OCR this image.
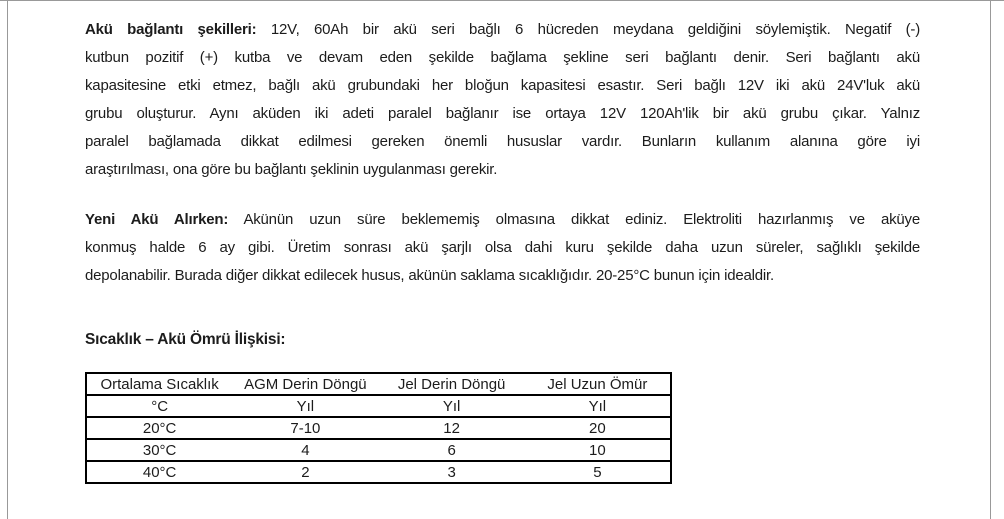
Akü bağlantı şekilleri: 12V, 60Ah bir akü seri bağlı 6 hücreden meydana geldiğini söylemiştik. Negatif (-)
kutbun pozitif (+) kutba ve devam eden şekilde bağlama şekline seri bağlantı denir. Seri bağlantı akü
kapasitesine etki etmez, bağlı akü grubundaki her bloğun kapasitesi esastır. Seri bağlı 12V iki akü 24V'luk akü
grubu oluşturur. Aynı aküden iki adeti paralel bağlanır ise ortaya 12V 120Ah'lik bir akü grubu çıkar. Yalnız
paralel bağlamada dikkat edilmesi gereken önemli hususlar vardır. Bunların kullanım alanına göre iyi
araştırılması, ona göre bu bağlantı şeklinin uygulanması gerekir.
Yeni Akü Alırken: Akünün uzun süre beklememiş olmasına dikkat ediniz. Elektroliti hazırlanmış ve aküye
konmuş halde 6 ay gibi. Üretim sonrası akü şarjlı olsa dahi kuru şekilde daha uzun süreler, sağlıklı şekilde
depolanabilir. Burada diğer dikkat edilecek husus, akünün saklama sıcaklığıdır. 20-25°C bunun için idealdir.
Sıcaklık – Akü Ömrü İlişkisi:
Ortalama Sıcaklık	AGM Derin Döngü	Jel Derin Döngü	Jel Uzun Ömür
°C	Yıl	Yıl	Yıl
20°C	7-10	12	20
30°C	4	6	10
40°C	2	3	5
